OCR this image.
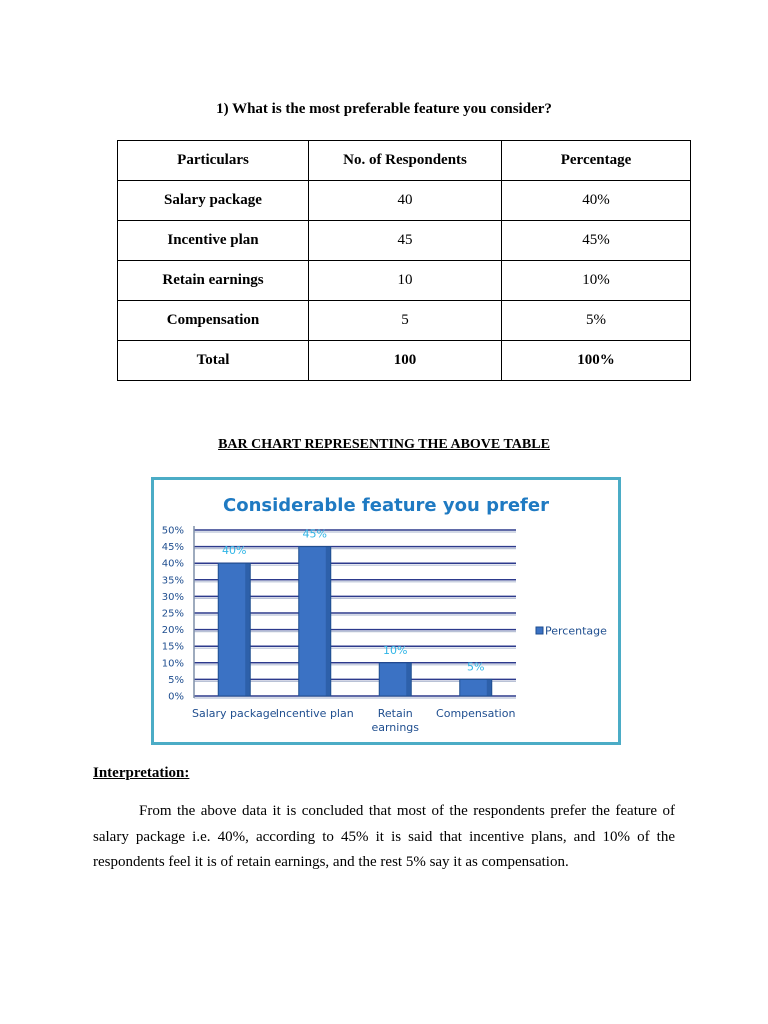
1) What is the most preferable feature you consider?
Particulars	No. of Respondents	Percentage
Salary package	40	40%
Incentive plan	45	45%
Retain earnings	10	10%
Compensation	5	5%
Total	100	100%
BAR CHART REPRESENTING THE ABOVE TABLE
Considerable feature you prefer
0%
5%
10%
15%
20%
25%
30%
35%
40%
45%
50%
40%
45%
10%
5%
Salary package Incentive plan	Retain earnings
Compensation
Percentage
Interpretation:

From the above data it is concluded that most of the respondents prefer the feature of salary package i.e. 40%, according to 45% it is said that incentive plans, and 10% of the respondents feel it is of retain earnings, and the rest 5% say it as compensation.
